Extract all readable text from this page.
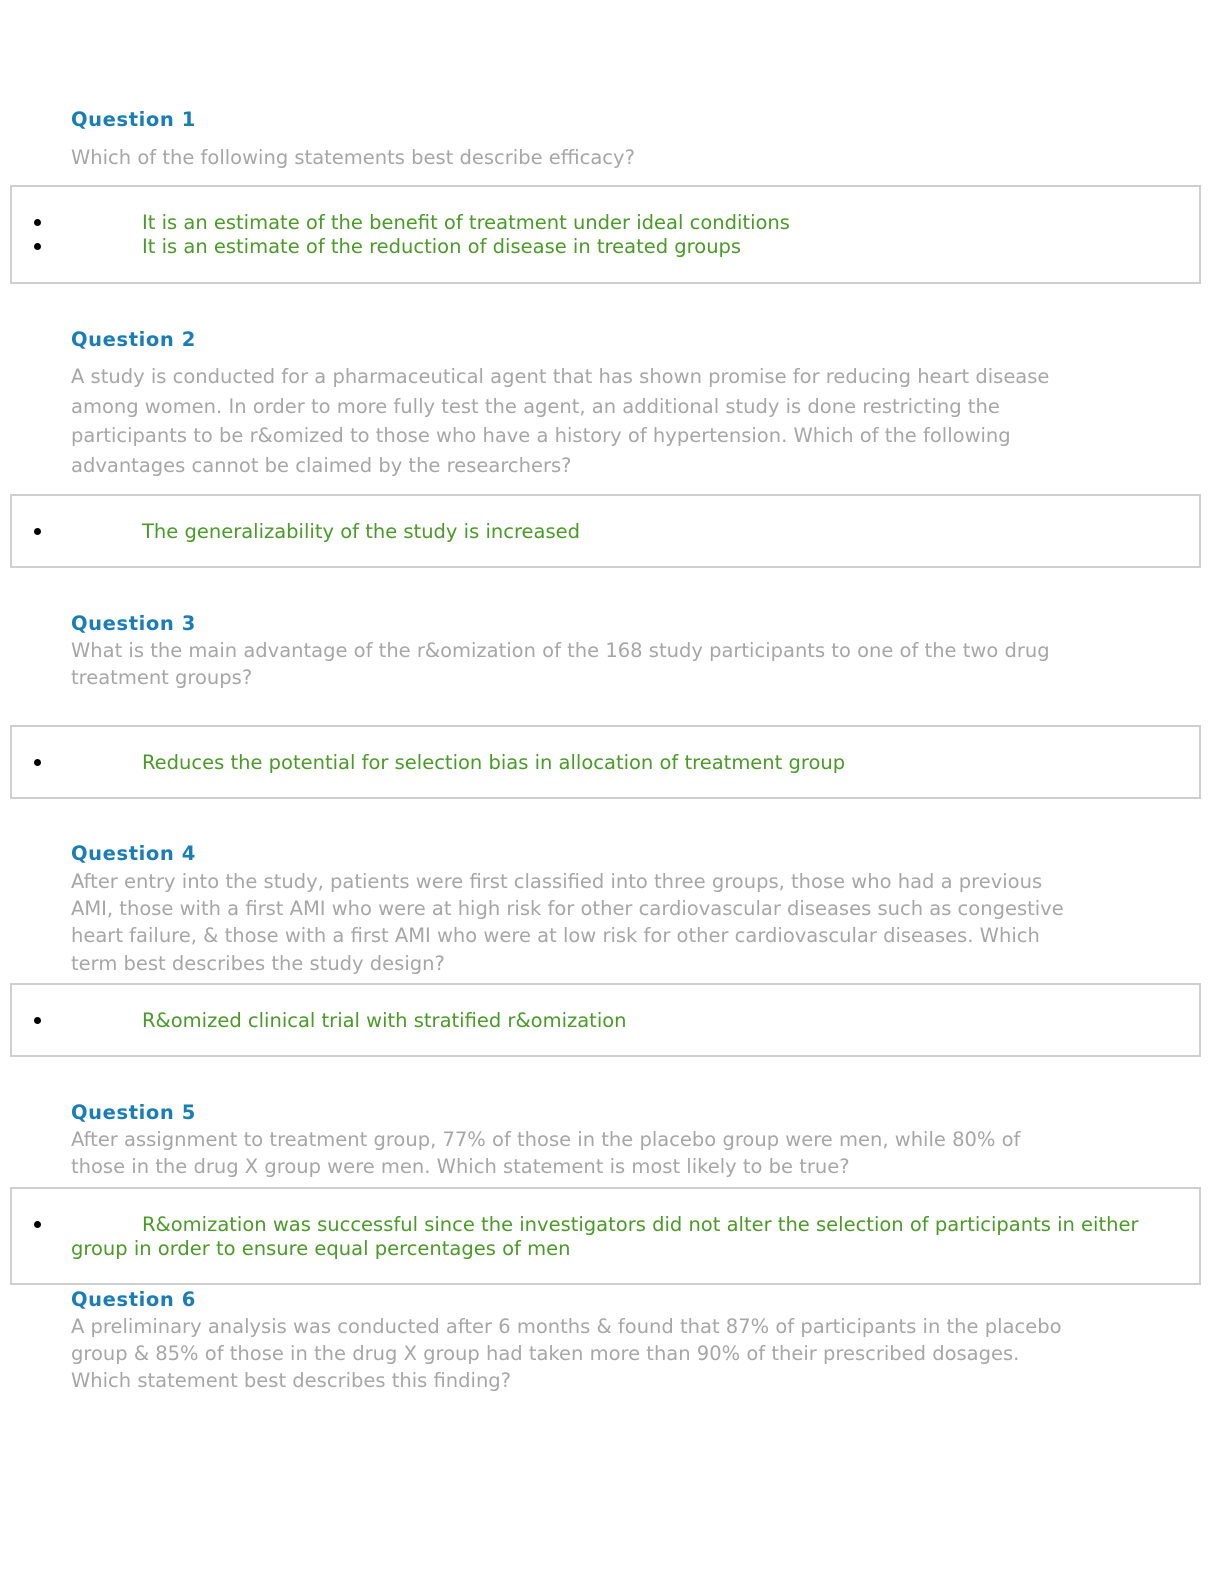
Question 1

Which of the following statements best describe efficacy?

It is an estimate of the benefit of treatment under ideal conditions
It is an estimate of the reduction of disease in treated groups
Question 2
A study is conducted for a pharmaceutical agent that has shown promise for reducing heart disease
among women. In order to more fully test the agent, an additional study is done restricting the
participants to be r&omized to those who have a history of hypertension. Which of the following
advantages cannot be claimed by the researchers?
The generalizability of the study is increased
Question 3
What is the main advantage of the r&omization of the 168 study participants to one of the two drug
treatment groups?
Reduces the potential for selection bias in allocation of treatment group
Question 4
After entry into the study, patients were first classified into three groups, those who had a previous
AMI, those with a first AMI who were at high risk for other cardiovascular diseases such as congestive
heart failure, & those with a first AMI who were at low risk for other cardiovascular diseases. Which
term best describes the study design?
R&omized clinical trial with stratified r&omization
Question 5
After assignment to treatment group, 77% of those in the placebo group were men, while 80% of
those in the drug X group were men. Which statement is most likely to be true?
R&omization was successful since the investigators did not alter the selection of participants in either group in order to ensure equal percentages of men
Question 6
A preliminary analysis was conducted after 6 months & found that 87% of participants in the placebo
group & 85% of those in the drug X group had taken more than 90% of their prescribed dosages.
Which statement best describes this finding?
